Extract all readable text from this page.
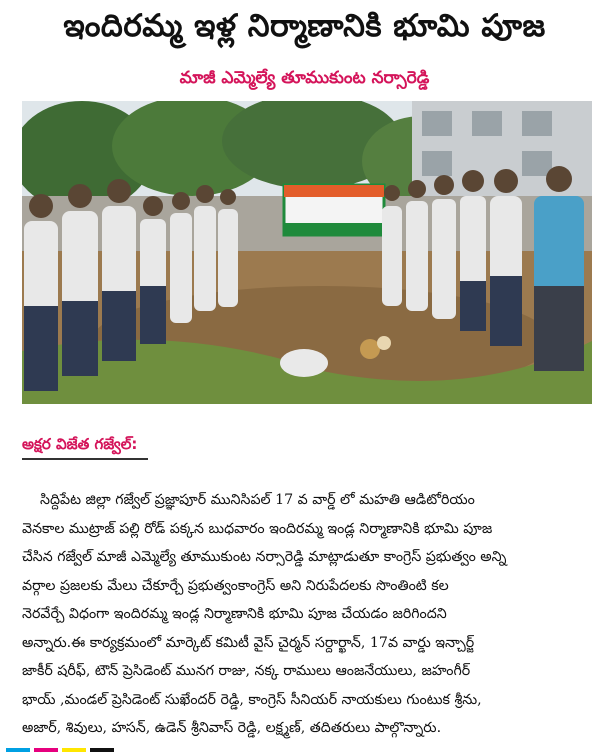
ఇందిరమ్మ ఇళ్ల నిర్మాణానికి భూమి పూజ
మాజీ ఎమ్మెల్యే తూముకుంట నర్సారెడ్డి
అక్షర విజేత గజ్వేల్:
సిద్దిపేట జిల్లా గజ్వేల్ ప్రజ్ఞాపూర్ మునిసిపల్ 17 వ వార్డ్ లో మహతి ఆడిటోరియం
వెనకాల ముట్రాజ్ పల్లి రోడ్ పక్కన బుధవారం ఇందిరమ్మ ఇండ్ల నిర్మాణానికి భూమి పూజ
చేసిన గజ్వేల్ మాజీ ఎమ్మెల్యే తూముకుంట నర్సారెడ్డి మాట్లాడుతూ కాంగ్రెస్ ప్రభుత్వం అన్ని
వర్గాల ప్రజలకు మేలు చేకూర్చే ప్రభుత్వంకాంగ్రెస్ అని నిరుపేదలకు సొంతింటి కల
నెరవేర్చే విధంగా ఇందిరమ్మ ఇండ్ల నిర్మాణానికి భూమి పూజ చేయడం జరిగిందని
అన్నారు.ఈ కార్యక్రమంలో మార్కెట్ కమిటీ వైస్ చైర్మన్ సర్దార్ఖాన్, 17వ వార్డు ఇన్చార్జ్
జాకీర్ షరీఫ్, టౌన్ ప్రెసిడెంట్ మునగ రాజు, నక్క రాములు ఆంజనేయులు, జహంగీర్
భాయ్ ,మండల్ ప్రెసిడెంట్ సుఖేందర్ రెడ్డి, కాంగ్రెస్ సీనియర్ నాయకులు గుంటుక శ్రీను,
అజార్, శివులు, హసన్, ఉడెన్ శ్రీనివాస్ రెడ్డి, లక్ష్మణ్, తదితరులు పాల్గొన్నారు.
